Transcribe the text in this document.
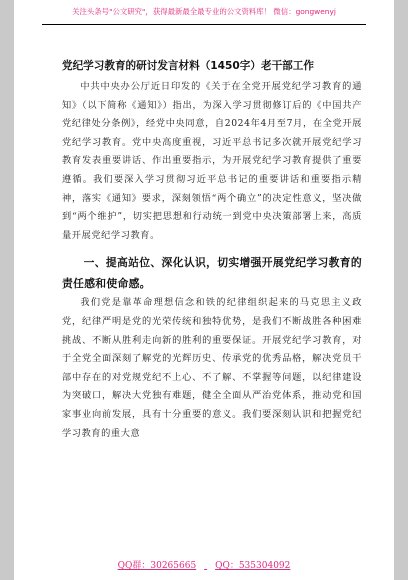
关注头条号"公文研究"，获得最新最全最专业的公文资料库！ 微信：gongwenyj
党纪学习教育的研讨发言材料（1450字）老干部工作

中共中央办公厅近日印发的《关于在全党开展党纪学习教育的通知》（以下简称《通知》）指出，为深入学习贯彻修订后的《中国共产党纪律处分条例》，经党中央同意，自2024年4月至7月，在全党开展党纪学习教育。党中央高度重视，习近平总书记多次就开展党纪学习教育发表重要讲话、作出重要指示，为开展党纪学习教育提供了重要遵循。我们要深入学习贯彻习近平总书记的重要讲话和重要指示精神，落实《通知》要求，深刻领悟“两个确立”的决定性意义，坚决做到“两个维护”，切实把思想和行动统一到党中央决策部署上来，高质量开展党纪学习教育。

一、提高站位、深化认识，切实增强开展党纪学习教育的责任感和使命感。

我们党是靠革命理想信念和铁的纪律组织起来的马克思主义政党，纪律严明是党的光荣传统和独特优势，是我们不断战胜各种困难挑战、不断从胜利走向新的胜利的重要保证。开展党纪学习教育，对于全党全面深刻了解党的光辉历史、传承党的优秀品格，解决党员干部中存在的对党规党纪不上心、不了解、不掌握等问题，以纪律建设为突破口，解决大党独有难题，健全全面从严治党体系，推动党和国家事业向前发展，具有十分重要的意义。我们要深刻认识和把握党纪学习教育的重大意

QQ群：30265665 QQ：535304092
